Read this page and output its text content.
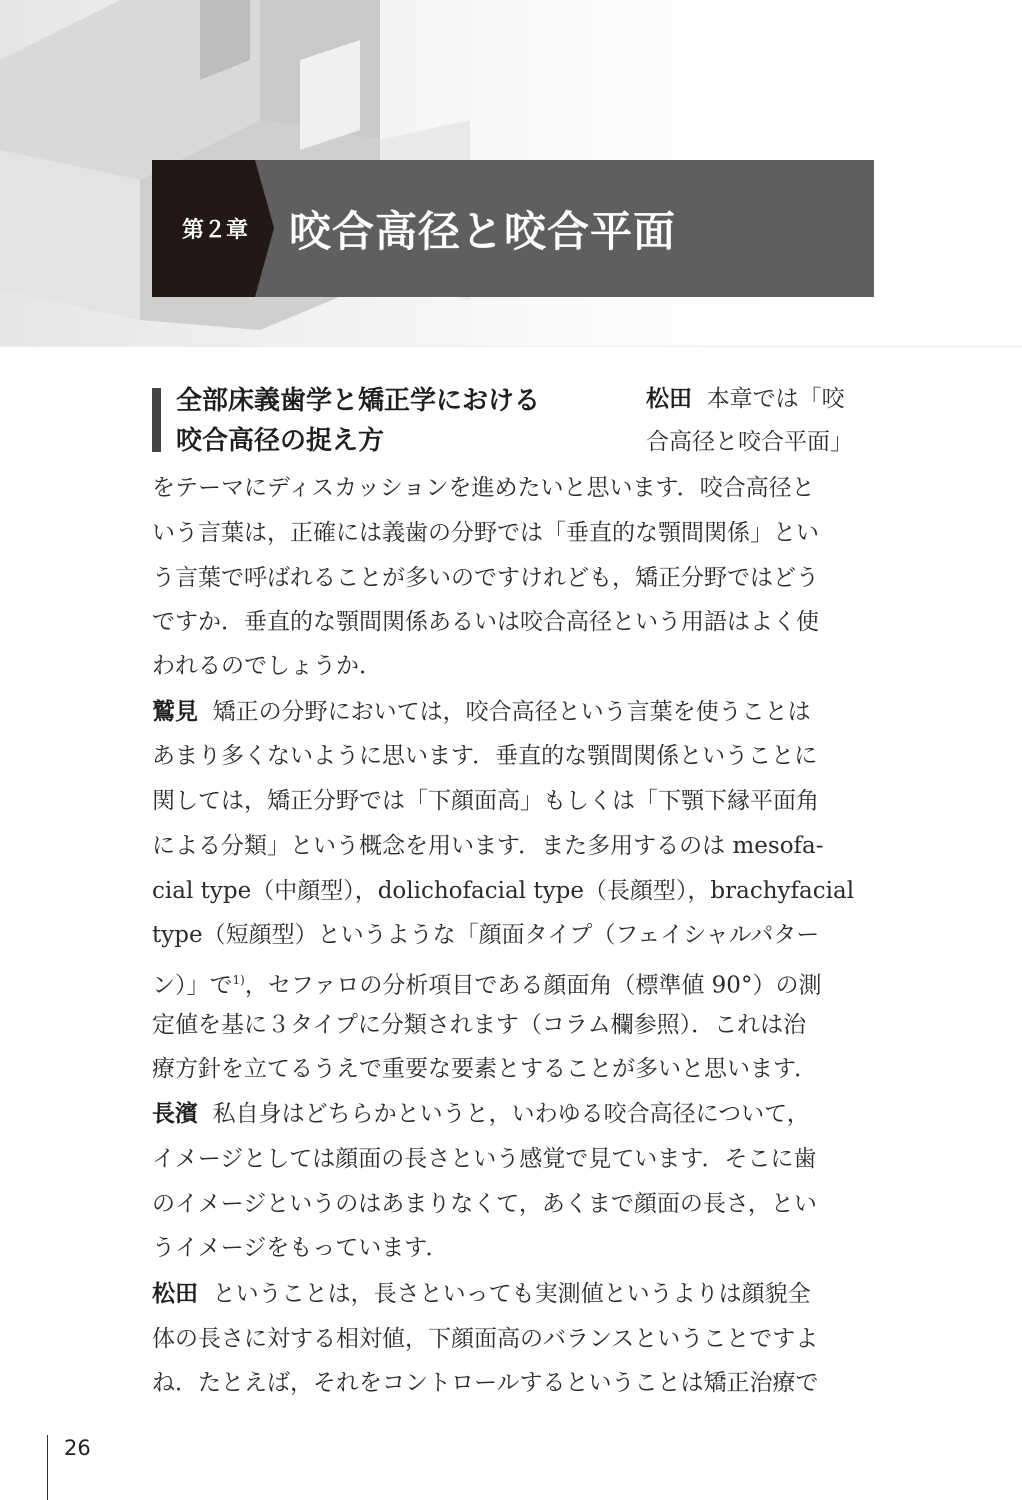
第２章 咬合高径と咬合平面
全部床義歯学と矯正学における
咬合高径の捉え方
松田 本章では「咬
合高径と咬合平面」
をテーマにディスカッションを進めたいと思います．咬合高径と
いう言葉は，正確には義歯の分野では「垂直的な顎間関係」とい
う言葉で呼ばれることが多いのですけれども，矯正分野ではどう
ですか．垂直的な顎間関係あるいは咬合高径という用語はよく使
われるのでしょうか．
鷲見 矯正の分野においては，咬合高径という言葉を使うことは
あまり多くないように思います．垂直的な顎間関係ということに
関しては，矯正分野では「下顔面高」もしくは「下顎下縁平面角
による分類」という概念を用います．また多用するのは mesofa-
cial type（中顔型），dolichofacial type（長顔型），brachyfacial
type（短顔型）というような「顔面タイプ（フェイシャルパター
ン）」で$^{1)}$，セファロの分析項目である顔面角（標準値 90°）の測
定値を基に３タイプに分類されます（コラム欄参照）．これは治
療方針を立てるうえで重要な要素とすることが多いと思います．
長濱 私自身はどちらかというと，いわゆる咬合高径について，
イメージとしては顔面の長さという感覚で見ています．そこに歯
のイメージというのはあまりなくて，あくまで顔面の長さ，とい
うイメージをもっています．
松田 ということは，長さといっても実測値というよりは顔貌全
体の長さに対する相対値，下顔面高のバランスということですよ
ね．たとえば，それをコントロールするということは矯正治療で
26
